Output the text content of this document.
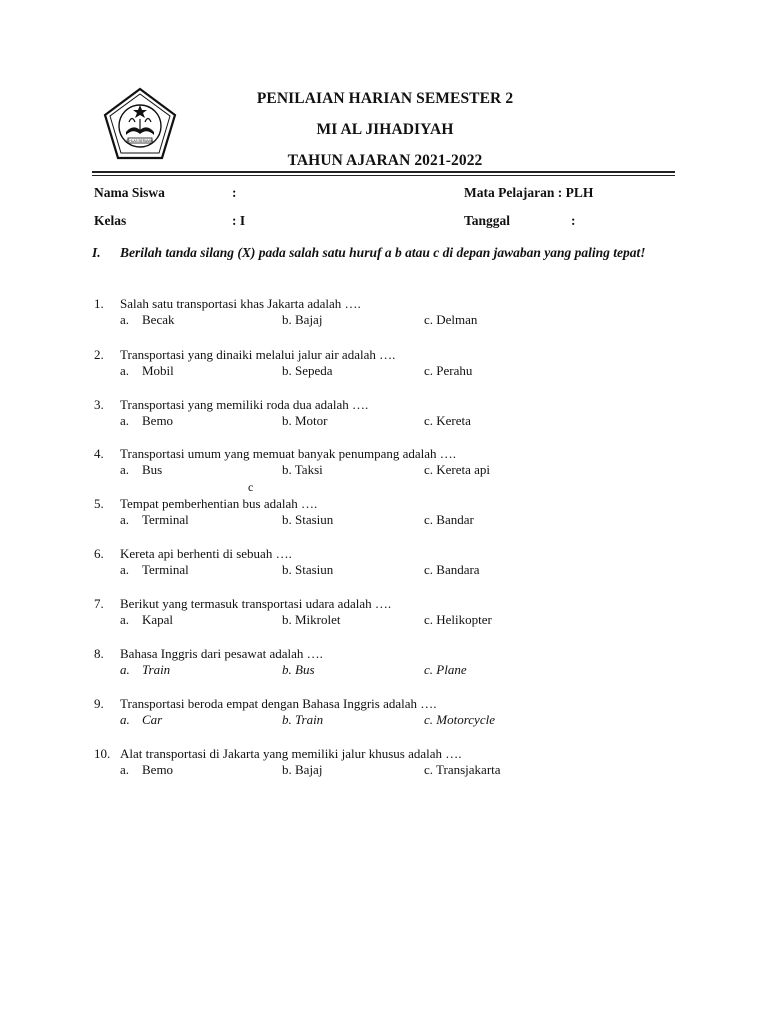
IKHLAS BERAMAL
PENILAIAN HARIAN SEMESTER 2
MI AL JIHADIYAH
TAHUN AJARAN 2021-2022
Nama Siswa	:	Mata Pelajaran : PLH
Kelas	: I	Tanggal	:
I. Berilah tanda silang (X) pada salah satu huruf a b atau c di depan jawaban yang paling tepat!
1. Salah satu transportasi khas Jakarta adalah ….
a. Becak	b. Bajaj	c. Delman
2. Transportasi yang dinaiki melalui jalur air adalah ….
a. Mobil	b. Sepeda	c. Perahu
3. Transportasi yang memiliki roda dua adalah ….
a. Bemo	b. Motor	c. Kereta
4. Transportasi umum yang memuat banyak penumpang adalah ….
a. Bus	b. Taksi	c. Kereta api
c
5. Tempat pemberhentian bus adalah ….
a. Terminal	b. Stasiun	c. Bandar
6. Kereta api berhenti di sebuah ….
a. Terminal	b. Stasiun	c. Bandara
7. Berikut yang termasuk transportasi udara adalah ….
a. Kapal	b. Mikrolet	c. Helikopter
8. Bahasa Inggris dari pesawat adalah ….
a. Train	b. Bus	c. Plane
9. Transportasi beroda empat dengan Bahasa Inggris adalah ….
a. Car	b. Train	c. Motorcycle
10. Alat transportasi di Jakarta yang memiliki jalur khusus adalah ….
a. Bemo	b. Bajaj	c. Transjakarta
